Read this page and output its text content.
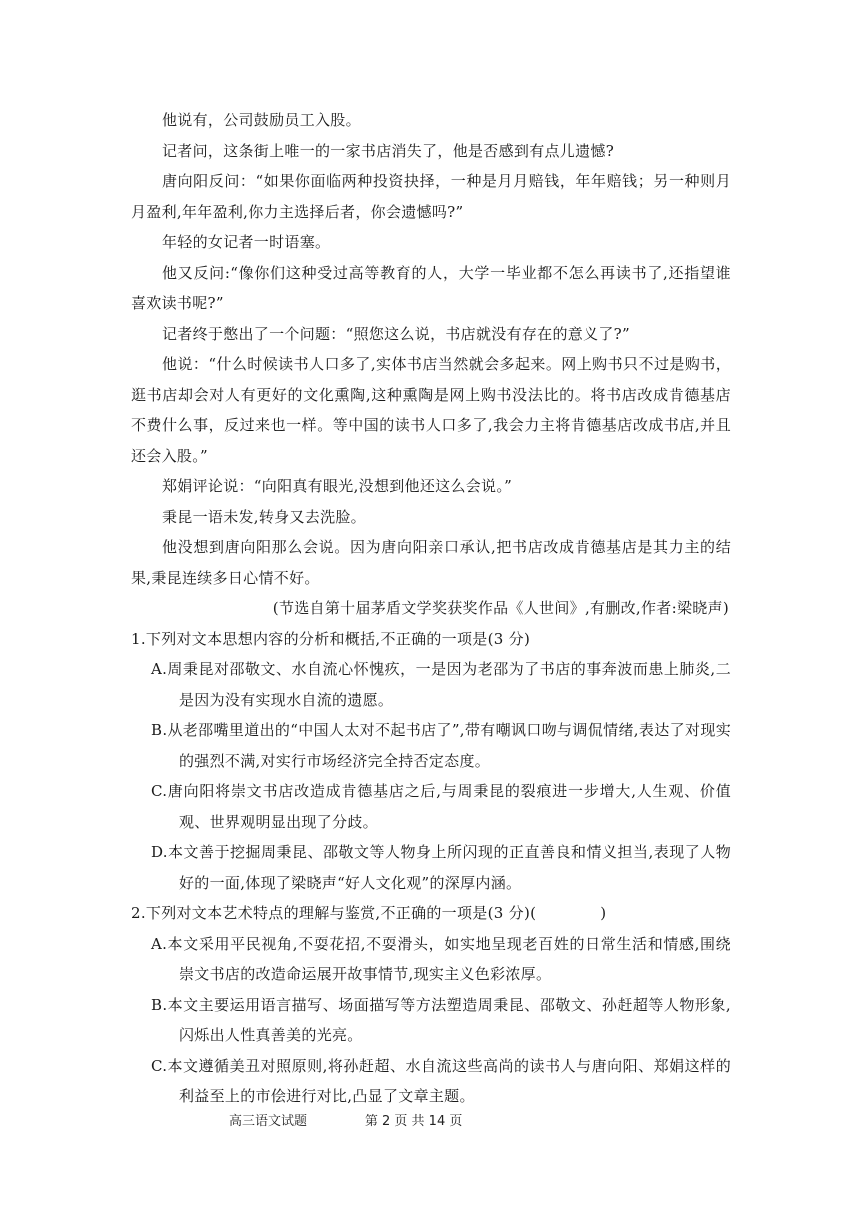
他说有，公司鼓励员工入股。

记者问，这条街上唯一的一家书店消失了，他是否感到有点儿遗憾?

唐向阳反问：“如果你面临两种投资抉择，一种是月月赔钱，年年赔钱；另一种则月月盈利,年年盈利,你力主选择后者，你会遗憾吗?”

年轻的女记者一时语塞。

他又反问:“像你们这种受过高等教育的人，大学一毕业都不怎么再读书了,还指望谁喜欢读书呢?”

记者终于憋出了一个问题：“照您这么说，书店就没有存在的意义了?”

他说：“什么时候读书人口多了,实体书店当然就会多起来。网上购书只不过是购书，逛书店却会对人有更好的文化熏陶,这种熏陶是网上购书没法比的。将书店改成肯德基店不费什么事，反过来也一样。等中国的读书人口多了,我会力主将肯德基店改成书店,并且还会入股。”

郑娟评论说：“向阳真有眼光,没想到他还这么会说。”

秉昆一语未发,转身又去洗脸。

他没想到唐向阳那么会说。因为唐向阳亲口承认,把书店改成肯德基店是其力主的结果,秉昆连续多日心情不好。

(节选自第十届茅盾文学奖获奖作品《人世间》,有删改,作者:梁晓声)

1.下列对文本思想内容的分析和概括,不正确的一项是(3 分)

A.周秉昆对邵敬文、水自流心怀愧疚，一是因为老邵为了书店的事奔波而患上肺炎,二是因为没有实现水自流的遗愿。

B.从老邵嘴里道出的“中国人太对不起书店了”,带有嘲讽口吻与调侃情绪,表达了对现实的强烈不满,对实行市场经济完全持否定态度。

C.唐向阳将崇文书店改造成肯德基店之后,与周秉昆的裂痕进一步增大,人生观、价值观、世界观明显出现了分歧。

D.本文善于挖掘周秉昆、邵敬文等人物身上所闪现的正直善良和情义担当,表现了人物好的一面,体现了梁晓声“好人文化观”的深厚内涵。

2.下列对文本艺术特点的理解与鉴赏,不正确的一项是(3 分)(	)

A.本文采用平民视角,不耍花招,不耍滑头，如实地呈现老百姓的日常生活和情感,围绕崇文书店的改造命运展开故事情节,现实主义色彩浓厚。

B.本文主要运用语言描写、场面描写等方法塑造周秉昆、邵敬文、孙赶超等人物形象,闪烁出人性真善美的光亮。

C.本文遵循美丑对照原则,将孙赶超、水自流这些高尚的读书人与唐向阳、郑娟这样的利益至上的市侩进行对比,凸显了文章主题。

高三语文试题	第 2 页 共 14 页
